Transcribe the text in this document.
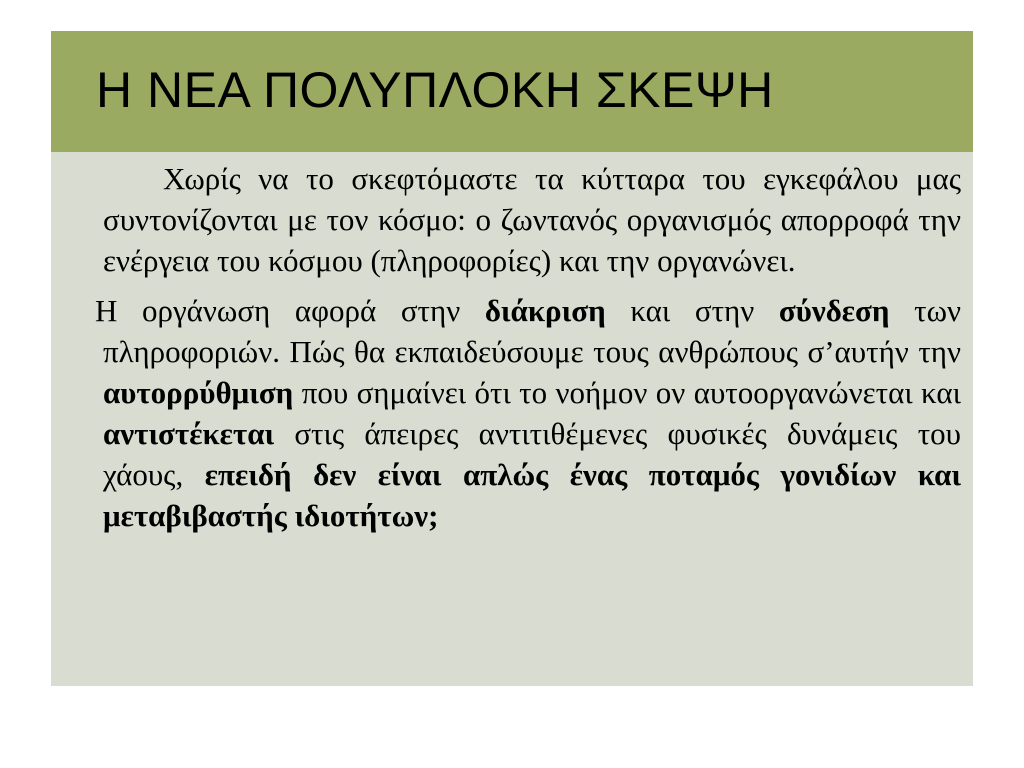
Η ΝΕΑ ΠΟΛΥΠΛΟΚΗ ΣΚΕΨΗ

Χωρίς να το σκεφτόμαστε τα κύτταρα του εγκεφάλου μας συντονίζονται με τον κόσμο: ο ζωντανός οργανισμός απορροφά την ενέργεια του κόσμου (πληροφορίες) και την οργανώνει.

Η οργάνωση αφορά στην διάκριση και στην σύνδεση των πληροφοριών. Πώς θα εκπαιδεύσουμε τους ανθρώπους σ’αυτήν την αυτορρύθμιση που σημαίνει ότι το νοήμον ον αυτοοργανώνεται και αντιστέκεται στις άπειρες αντιτιθέμενες φυσικές δυνάμεις του χάους, επειδή δεν είναι απλώς ένας ποταμός γονιδίων και μεταβιβαστής ιδιοτήτων;
